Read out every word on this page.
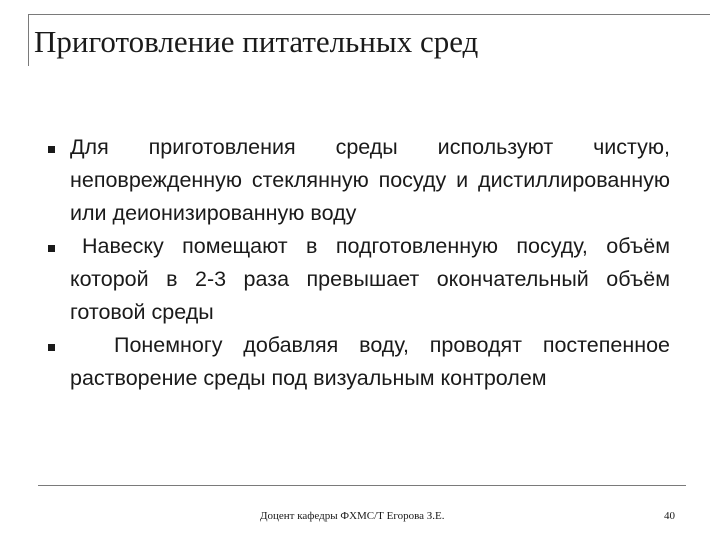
Приготовление питательных сред
Для приготовления среды используют чистую, неповрежденную стеклянную посуду и дистиллированную или деионизированную воду
Навеску помещают в подготовленную посуду, объём которой в 2-3 раза превышает окончательный объём готовой среды
Понемногу добавляя воду, проводят постепенное растворение среды под визуальным контролем
Доцент кафедры ФХМС/Т Егорова З.Е.	40
